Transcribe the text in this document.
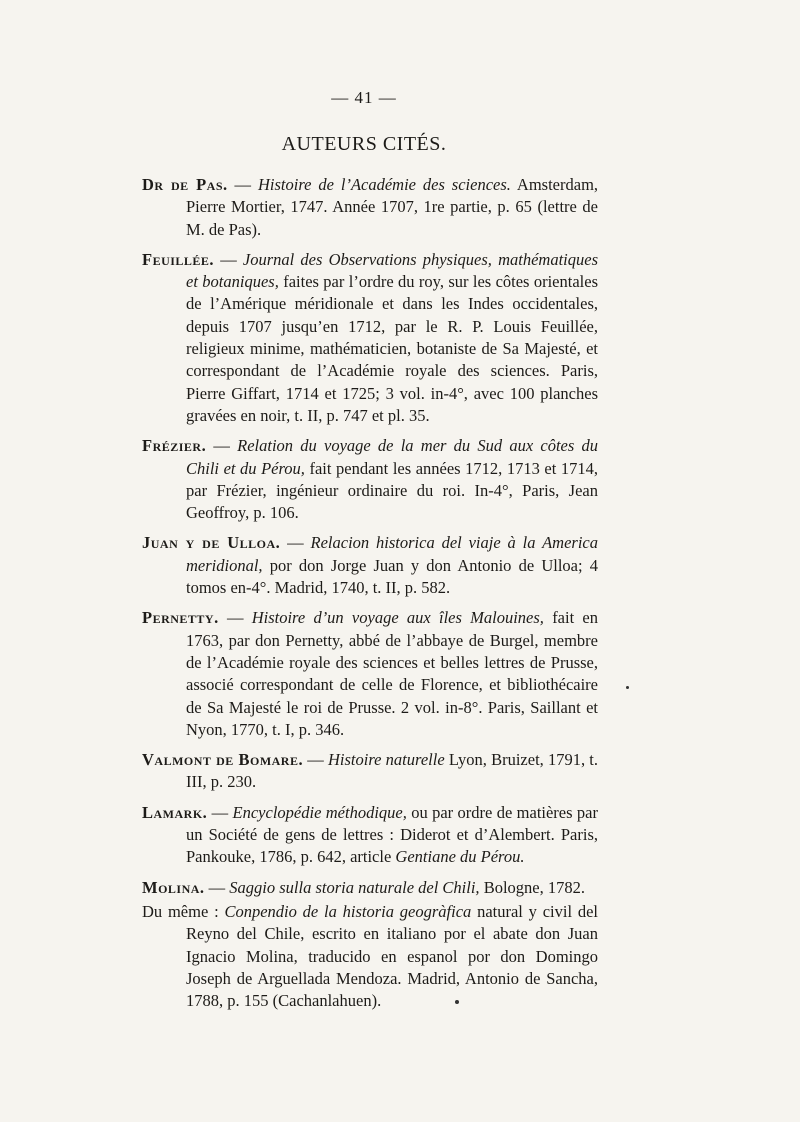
— 41 —
AUTEURS CITÉS.

Dr de Pas. — Histoire de l’Académie des sciences. Amsterdam, Pierre Mortier, 1747. Année 1707, 1re partie, p. 65 (lettre de M. de Pas).

Feuillée. — Journal des Observations physiques, mathématiques et botaniques, faites par l’ordre du roy, sur les côtes orientales de l’Amérique méridionale et dans les Indes occidentales, depuis 1707 jusqu’en 1712, par le R. P. Louis Feuillée, religieux minime, mathématicien, botaniste de Sa Majesté, et correspondant de l’Académie royale des sciences. Paris, Pierre Giffart, 1714 et 1725; 3 vol. in-4°, avec 100 planches gravées en noir, t. II, p. 747 et pl. 35.

Frézier. — Relation du voyage de la mer du Sud aux côtes du Chili et du Pérou, fait pendant les années 1712, 1713 et 1714, par Frézier, ingénieur ordinaire du roi. In-4°, Paris, Jean Geoffroy, p. 106.

Juan y de Ulloa. — Relacion historica del viaje à la America meridional, por don Jorge Juan y don Antonio de Ulloa; 4 tomos en-4°. Madrid, 1740, t. II, p. 582.

Pernetty. — Histoire d’un voyage aux îles Malouines, fait en 1763, par don Pernetty, abbé de l’abbaye de Burgel, membre de l’Académie royale des sciences et belles lettres de Prusse, associé correspondant de celle de Florence, et bibliothécaire de Sa Majesté le roi de Prusse. 2 vol. in-8°. Paris, Saillant et Nyon, 1770, t. I, p. 346.

Valmont de Bomare. — Histoire naturelle Lyon, Bruizet, 1791, t. III, p. 230.

Lamark. — Encyclopédie méthodique, ou par ordre de matières par un Société de gens de lettres : Diderot et d’Alembert. Paris, Pankouke, 1786, p. 642, article Gentiane du Pérou.

Molina. — Saggio sulla storia naturale del Chili, Bologne, 1782.

Du même : Conpendio de la historia geogràfica natural y civil del Reyno del Chile, escrito en italiano por el abate don Juan Ignacio Molina, traducido en espanol por don Domingo Joseph de Arguellada Mendoza. Madrid, Antonio de Sancha, 1788, p. 155 (Cachanlahuen).
